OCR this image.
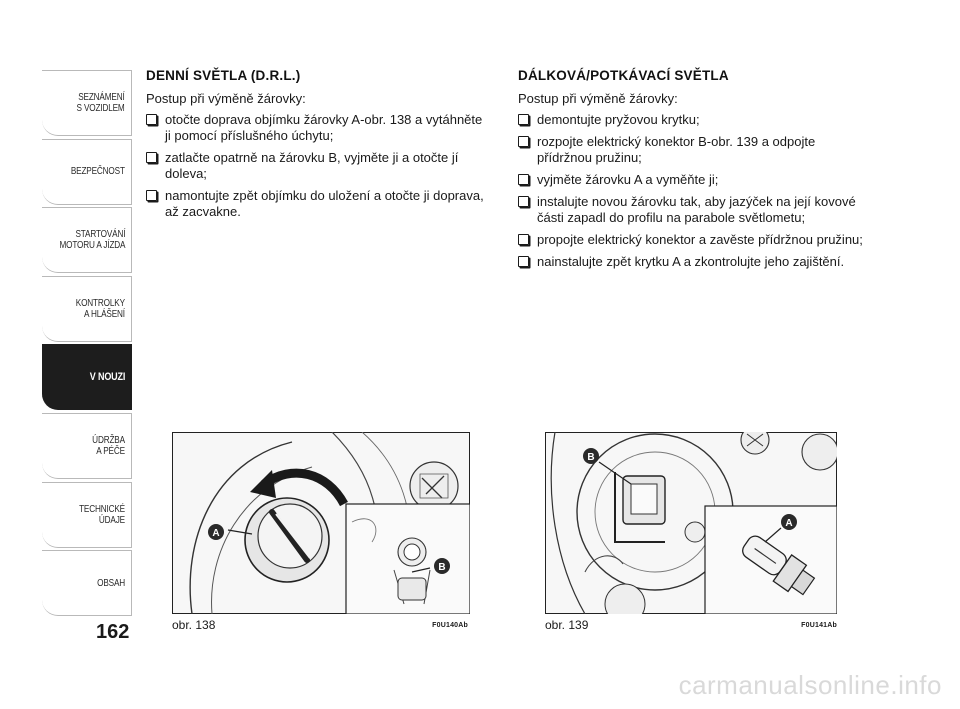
SEZNÁMENÍ
S VOZIDLEM
BEZPEČNOST
STARTOVÁNÍ
MOTORU A JÍZDA
KONTROLKY
A HLÁŠENÍ
V NOUZI
ÚDRŽBA
A PÉČE
TECHNICKÉ
ÚDAJE
OBSAH
162
DENNÍ SVĚTLA (D.R.L.)

Postup při výměně žárovky:

otočte doprava objímku žárovky A-obr. 138 a vytáhněte ji pomocí příslušného úchytu;
zatlačte opatrně na žárovku B, vyjměte ji a otočte jí doleva;
namontujte zpět objímku do uložení a otočte ji doprava, až zacvakne.
DÁLKOVÁ/POTKÁVACÍ SVĚTLA

Postup při výměně žárovky:

demontujte pryžovou krytku;
rozpojte elektrický konektor B-obr. 139 a odpojte přídržnou pružinu;
vyjměte žárovku A a vyměňte ji;
instalujte novou žárovku tak, aby jazýček na její kovové části zapadl do profilu na parabole světlometu;
propojte elektrický konektor a zavěste přídržnou pružinu;
nainstalujte zpět krytku A a zkontrolujte jeho zajištění.
A
B
obr. 138	F0U140Ab
B
A
obr. 139	F0U141Ab
carmanualsonline.info
